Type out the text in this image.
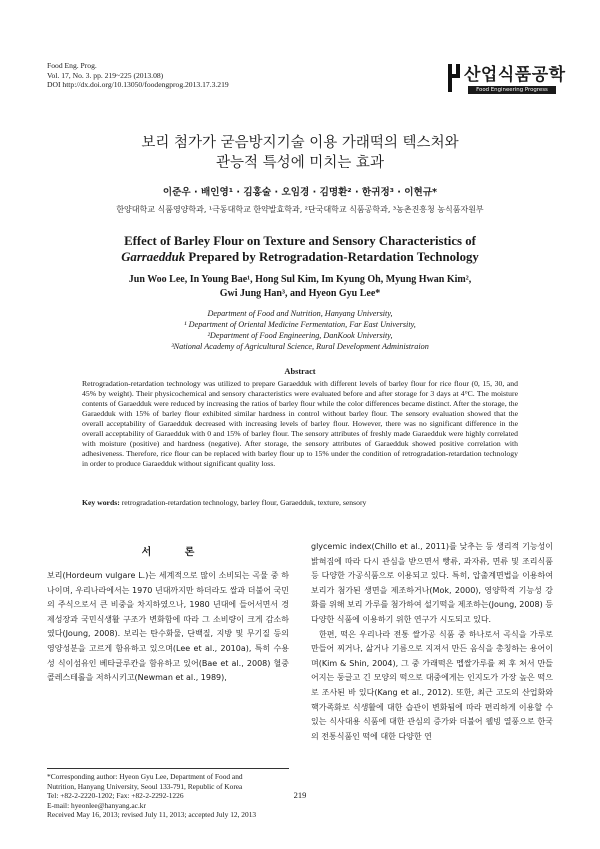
Food Eng. Prog.
Vol. 17, No. 3. pp. 219~225 (2013.08)
DOI http://dx.doi.org/10.13050/foodengprog.2013.17.3.219	산업식품공학
Food Engineering Progress
보리 첨가가 굳음방지기술 이용 가래떡의 텍스처와
관능적 특성에 미치는 효과
이준우 · 배인영¹ · 김홍술 · 오임경 · 김명환² · 한귀정³ · 이현규*
한양대학교 식품영양학과, ¹극동대학교 한약발효학과, ²단국대학교 식품공학과, ³농촌진흥청 농식품자원부
Effect of Barley Flour on Texture and Sensory Characteristics of
Garraedduk Prepared by Retrogradation-Retardation Technology
Jun Woo Lee, In Young Bae¹, Hong Sul Kim, Im Kyung Oh, Myung Hwan Kim²,
Gwi Jung Han³, and Hyeon Gyu Lee*
Department of Food and Nutrition, Hanyang University,
¹ Department of Oriental Medicine Fermentation, Far East University,
²Department of Food Engineering, DanKook University,
³National Academy of Agricultural Science, Rural Development Administraion
Abstract
Retrogradation-retardation technology was utilized to prepare Garaedduk with different levels of barley flour for rice flour (0, 15, 30, and 45% by weight). Their physicochemical and sensory characteristics were evaluated before and after storage for 3 days at 4°C. The moisture contents of Garaedduk were reduced by increasing the ratios of barley flour while the color differences became distinct. After the storage, the Garaedduk with 15% of barley flour exhibited similar hardness in control without barley flour. The sensory evaluation showed that the overall acceptability of Garaedduk decreased with increasing levels of barley flour. However, there was no significant difference in the overall acceptability of Garaedduk with 0 and 15% of barley flour. The sensory attributes of freshly made Garaedduk were highly correlated with moisture (positive) and hardness (negative). After storage, the sensory attributes of Garaedduk showed positive correlation with adhesiveness. Therefore, rice flour can be replaced with barley flour up to 15% under the condition of retrogradation-retardation technology in order to produce Garaedduk without significant quality loss.
Key words: retrogradation-retardation technology, barley flour, Garaedduk, texture, sensory
서 론

보리(Hordeum vulgare L.)는 세계적으로 많이 소비되는 곡물 중 하나이며, 우리나라에서는 1970 년대까지만 하더라도 쌀과 더불어 국민의 주식으로서 큰 비중을 차지하였으나, 1980 년대에 들어서면서 경제성장과 국민식생활 구조가 변화함에 따라 그 소비량이 크게 감소하였다(Joung, 2008). 보리는 탄수화물, 단백질, 지방 및 무기질 등의 영양성분을 고르게 함유하고 있으며(Lee et al., 2010a), 특히 수용성 식이섬유인 베타글루칸을 함유하고 있어(Bae et al., 2008) 혈중 콜레스테롤을 저하시키고(Newman et al., 1989),

glycemic index(Chillo et al., 2011)를 낮추는 등 생리적 기능성이 밝혀짐에 따라 다시 관심을 받으면서 빵류, 과자류, 면류 및 조리식품 등 다양한 가공식품으로 이용되고 있다. 특히, 압출계면법을 이용하여 보리가 첨가된 생면을 제조하거나(Mok, 2000), 영양학적 기능성 강화를 위해 보리 가루를 첨가하여 설기떡을 제조하는(Joung, 2008) 등 다양한 식품에 이용하기 위한 연구가 시도되고 있다.

한편, 떡은 우리나라 전통 쌀가공 식품 중 하나로서 곡식을 가루로 만들어 찌거나, 삶거나 기름으로 지져서 만든 음식을 총칭하는 용어이며(Kim & Shin, 2004), 그 중 가래떡은 멥쌀가루를 쪄 후 쳐서 만들어지는 둥글고 긴 모양의 떡으로 대중에게는 인지도가 가장 높은 떡으로 조사된 바 있다(Kang et al., 2012). 또한, 최근 고도의 산업화와 핵가족화로 식생활에 대한 습관이 변화됨에 따라 편리하게 이용할 수 있는 식사대용 식품에 대한 관심의 증가와 더불어 웰빙 열풍으로 한국의 전통식품인 떡에 대한 다양한 연

*Corresponding author: Hyeon Gyu Lee, Department of Food and
Nutrition, Hanyang University, Seoul 133-791, Republic of Korea
Tel: +82-2-2220-1202; Fax: +82-2-2292-1226
E-mail: hyeonlee@hanyang.ac.kr
Received May 16, 2013; revised July 11, 2013; accepted July 12, 2013
219
